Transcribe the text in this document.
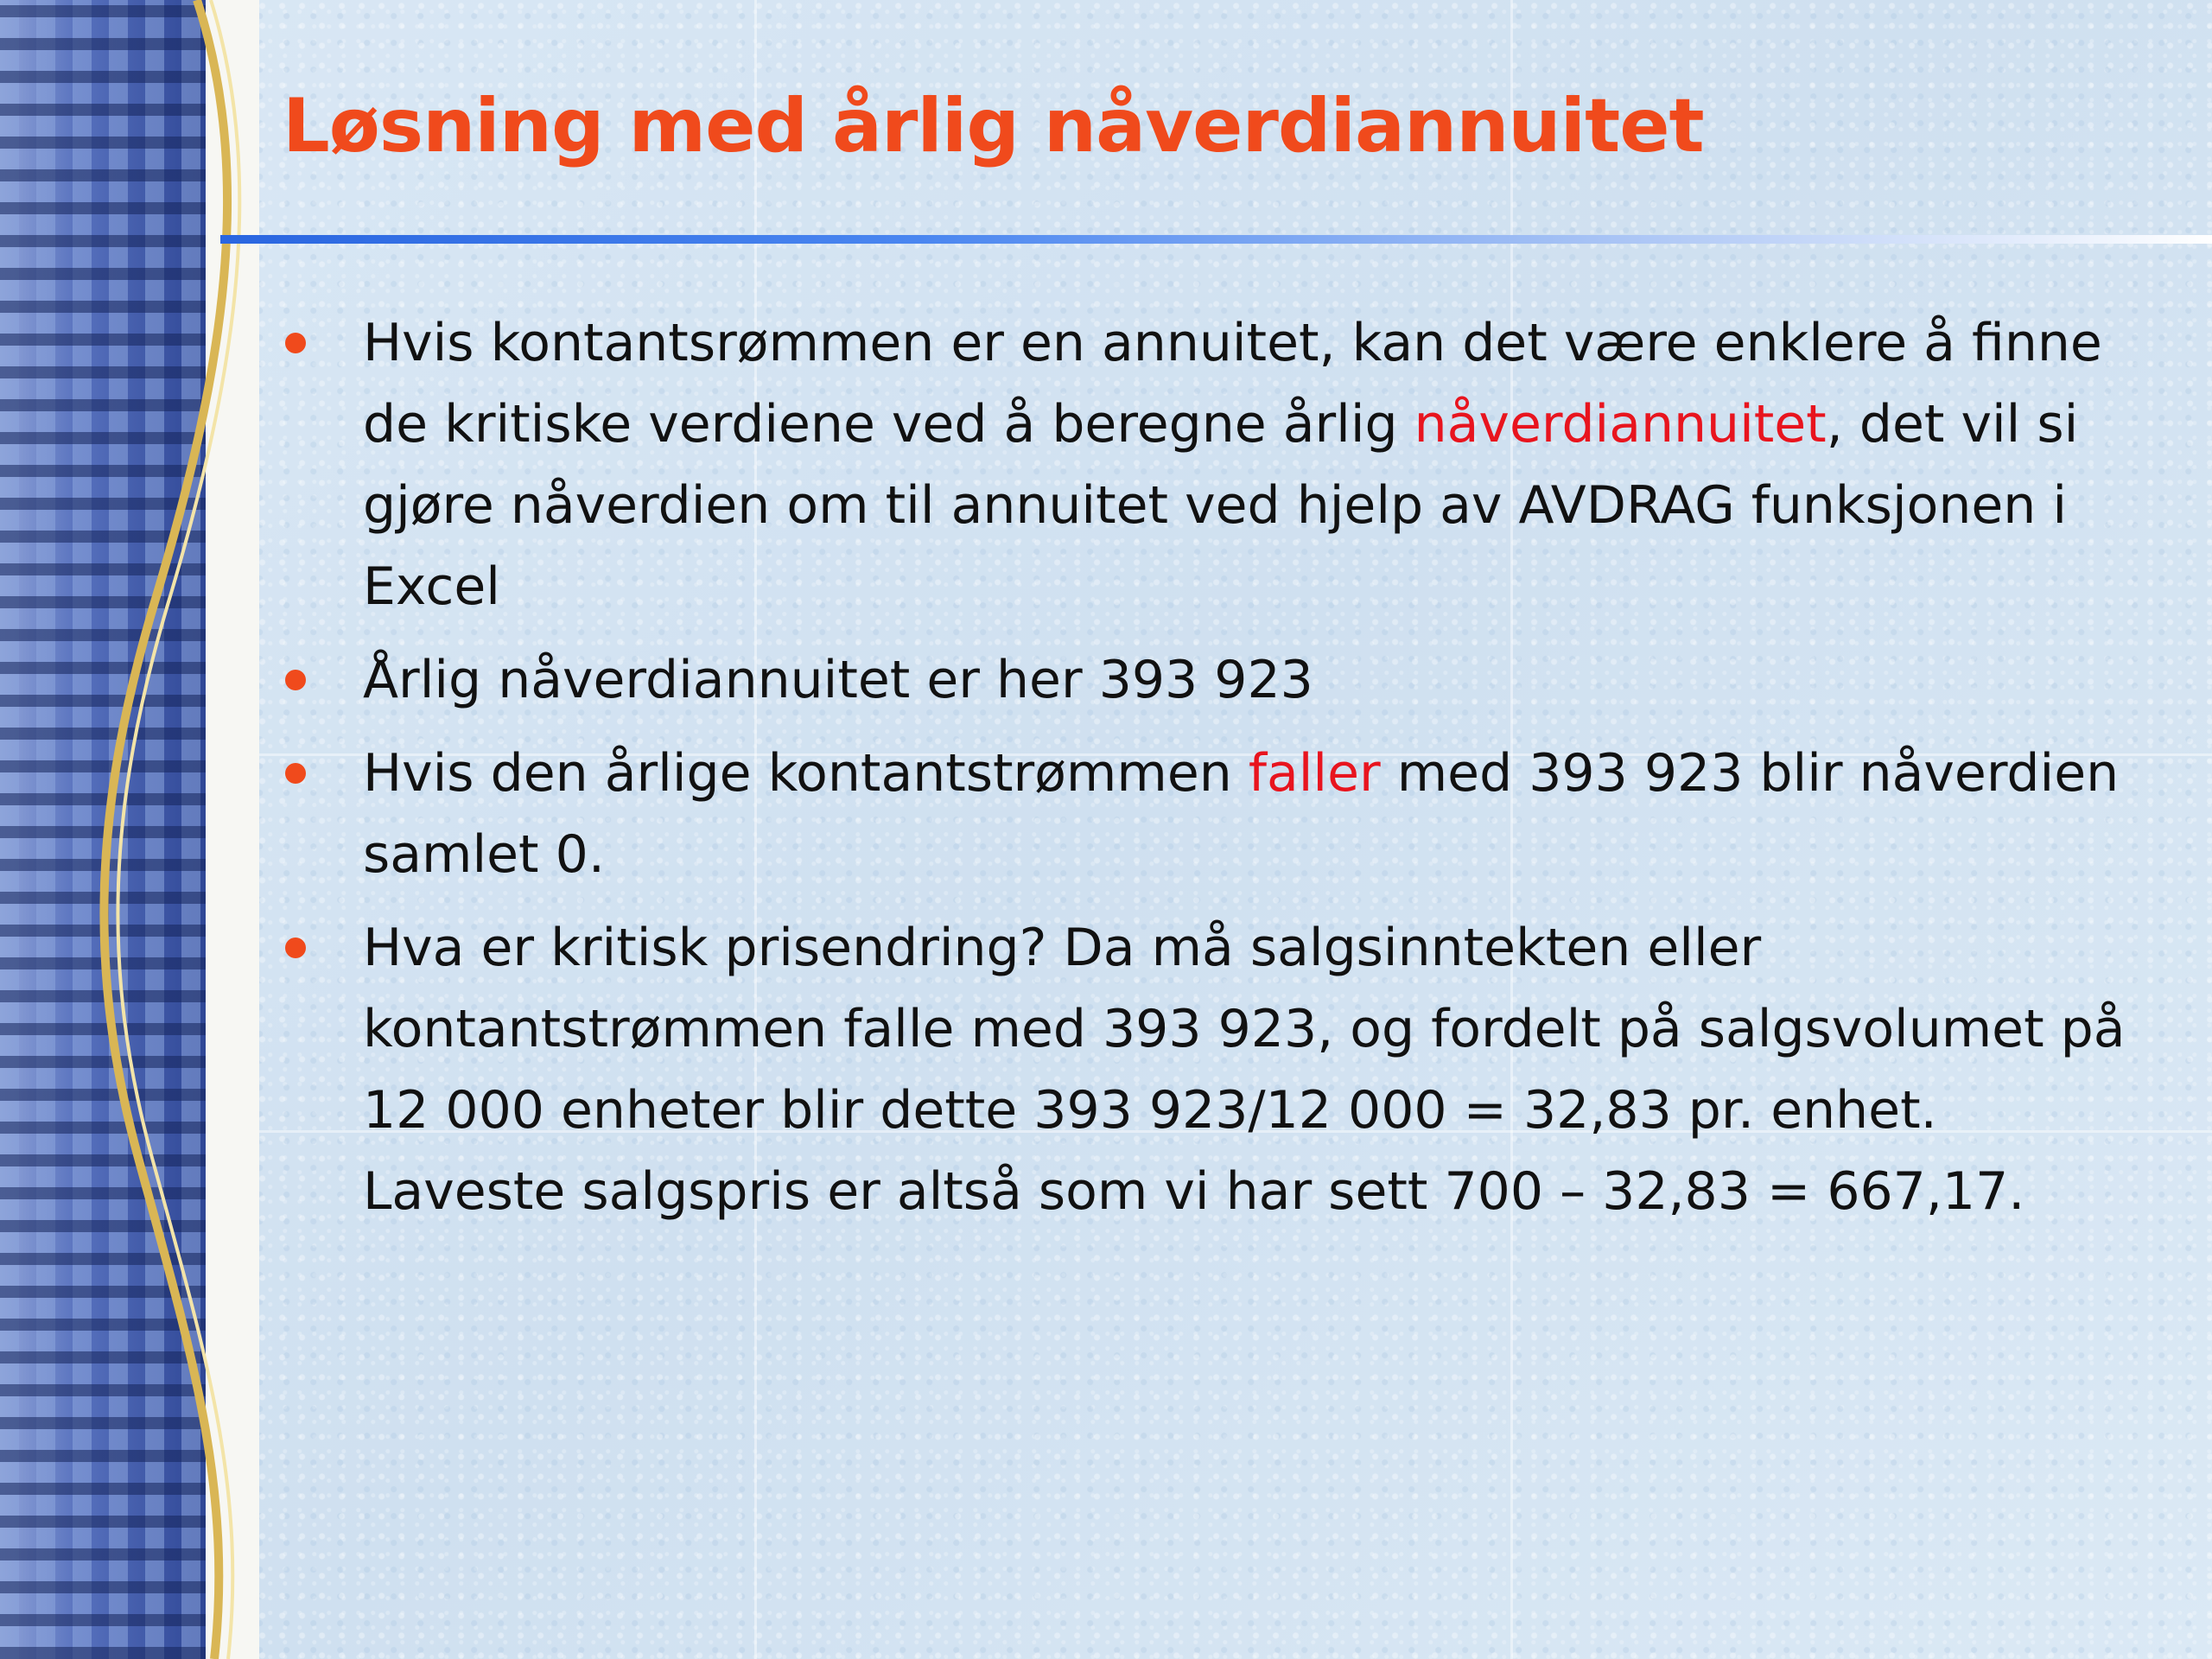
Løsning med årlig nåverdiannuitet
Hvis kontantsrømmen er en annuitet, kan det være enklere å finne de kritiske verdiene ved å beregne årlig nåverdiannuitet, det vil si gjøre nåverdien om til annuitet ved hjelp av AVDRAG funksjonen i Excel
Årlig nåverdiannuitet er her 393 923
Hvis den årlige kontantstrømmen faller med 393 923 blir nåverdien samlet 0.
Hva er kritisk prisendring? Da må salgsinntekten eller kontantstrømmen falle med 393 923, og fordelt på salgsvolumet på 12 000 enheter blir dette 393 923/12 000 = 32,83 pr. enhet. Laveste salgspris er altså som vi har sett 700 – 32,83 = 667,17.
